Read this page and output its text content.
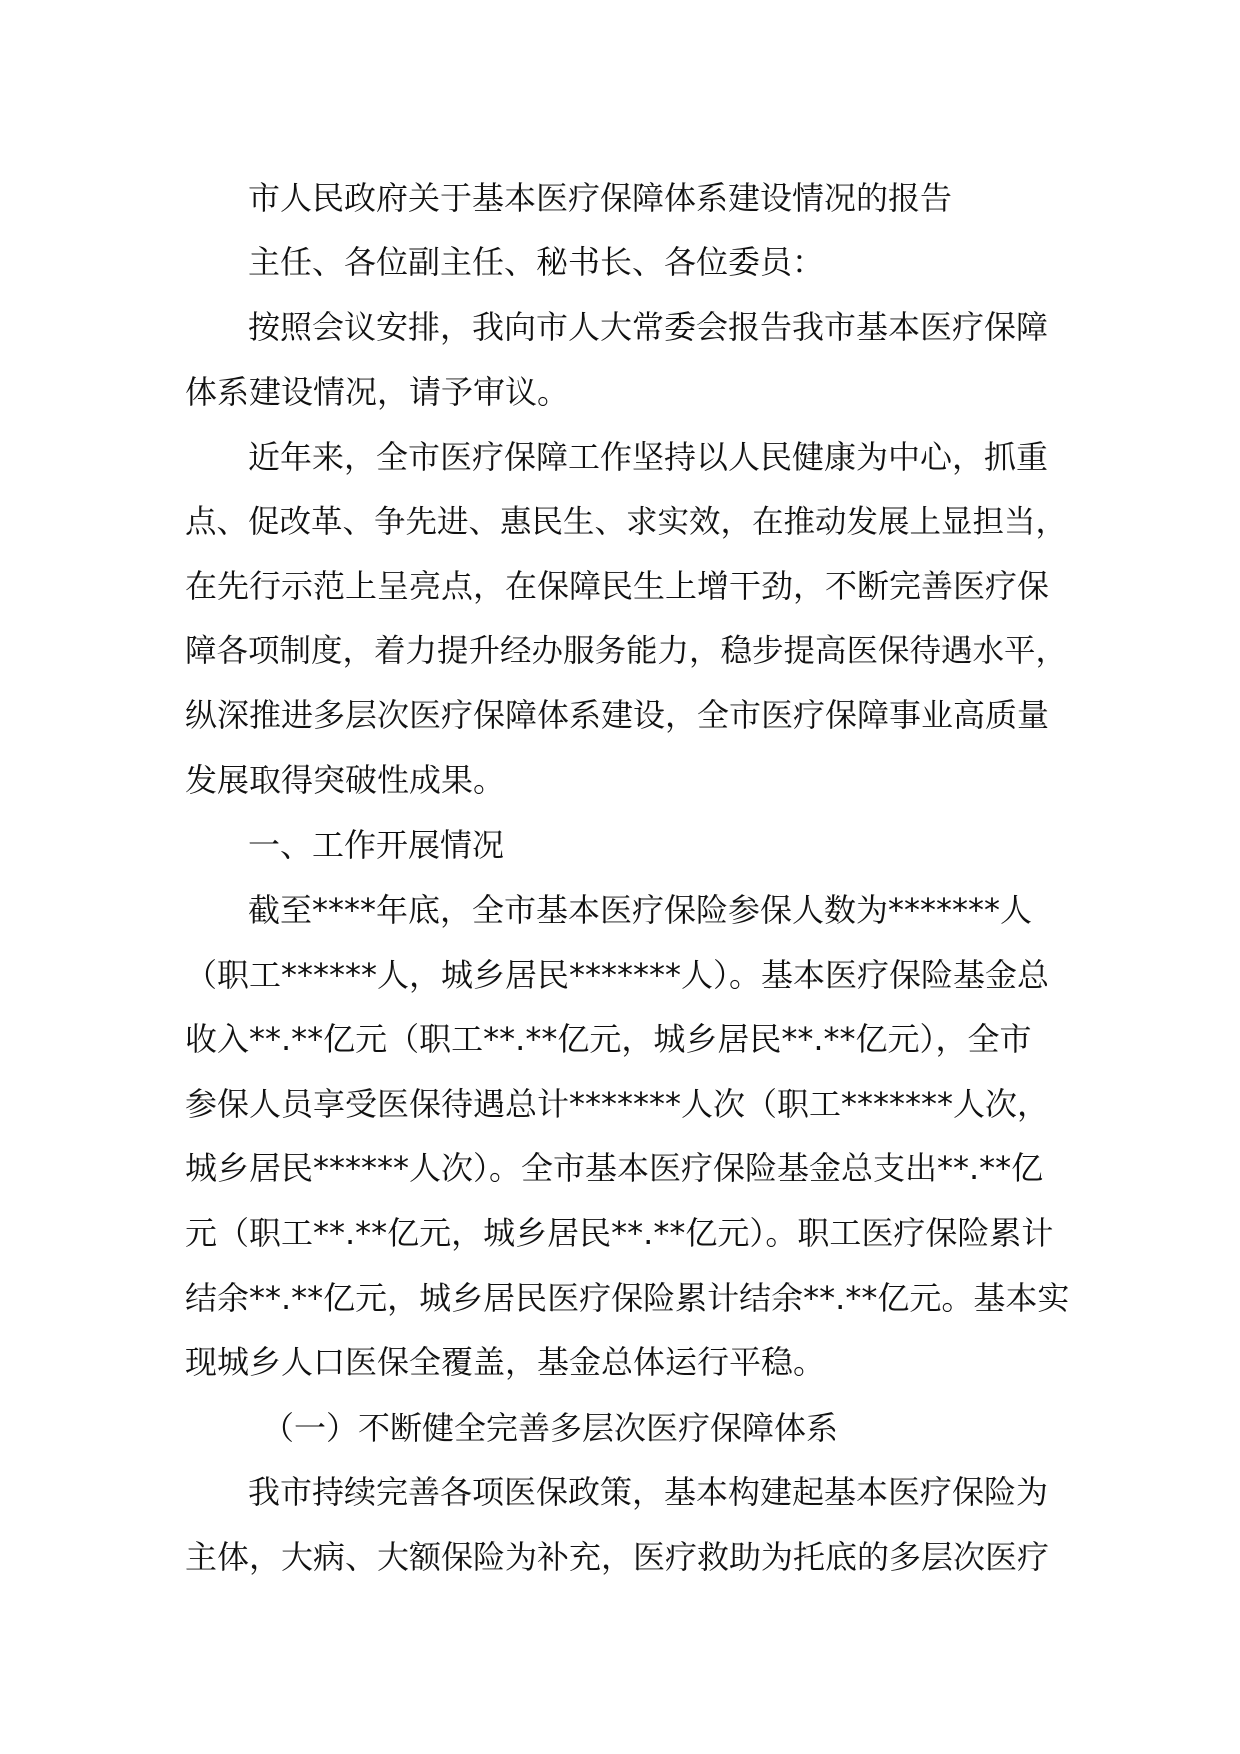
市人民政府关于基本医疗保障体系建设情况的报告
主任、各位副主任、秘书长、各位委员：
按照会议安排，我向市人大常委会报告我市基本医疗保障
体系建设情况，请予审议。
近年来，全市医疗保障工作坚持以人民健康为中心，抓重
点、促改革、争先进、惠民生、求实效，在推动发展上显担当，
在先行示范上呈亮点，在保障民生上增干劲，不断完善医疗保
障各项制度，着力提升经办服务能力，稳步提高医保待遇水平，
纵深推进多层次医疗保障体系建设，全市医疗保障事业高质量
发展取得突破性成果。
一、工作开展情况
截至****年底，全市基本医疗保险参保人数为*******人
（职工******人，城乡居民*******人）。基本医疗保险基金总
收入**.**亿元（职工**.**亿元，城乡居民**.**亿元），全市
参保人员享受医保待遇总计*******人次（职工*******人次，
城乡居民******人次）。全市基本医疗保险基金总支出**.**亿
元（职工**.**亿元，城乡居民**.**亿元）。职工医疗保险累计
结余**.**亿元，城乡居民医疗保险累计结余**.**亿元。基本实
现城乡人口医保全覆盖，基金总体运行平稳。
（一）不断健全完善多层次医疗保障体系
我市持续完善各项医保政策，基本构建起基本医疗保险为
主体，大病、大额保险为补充，医疗救助为托底的多层次医疗
